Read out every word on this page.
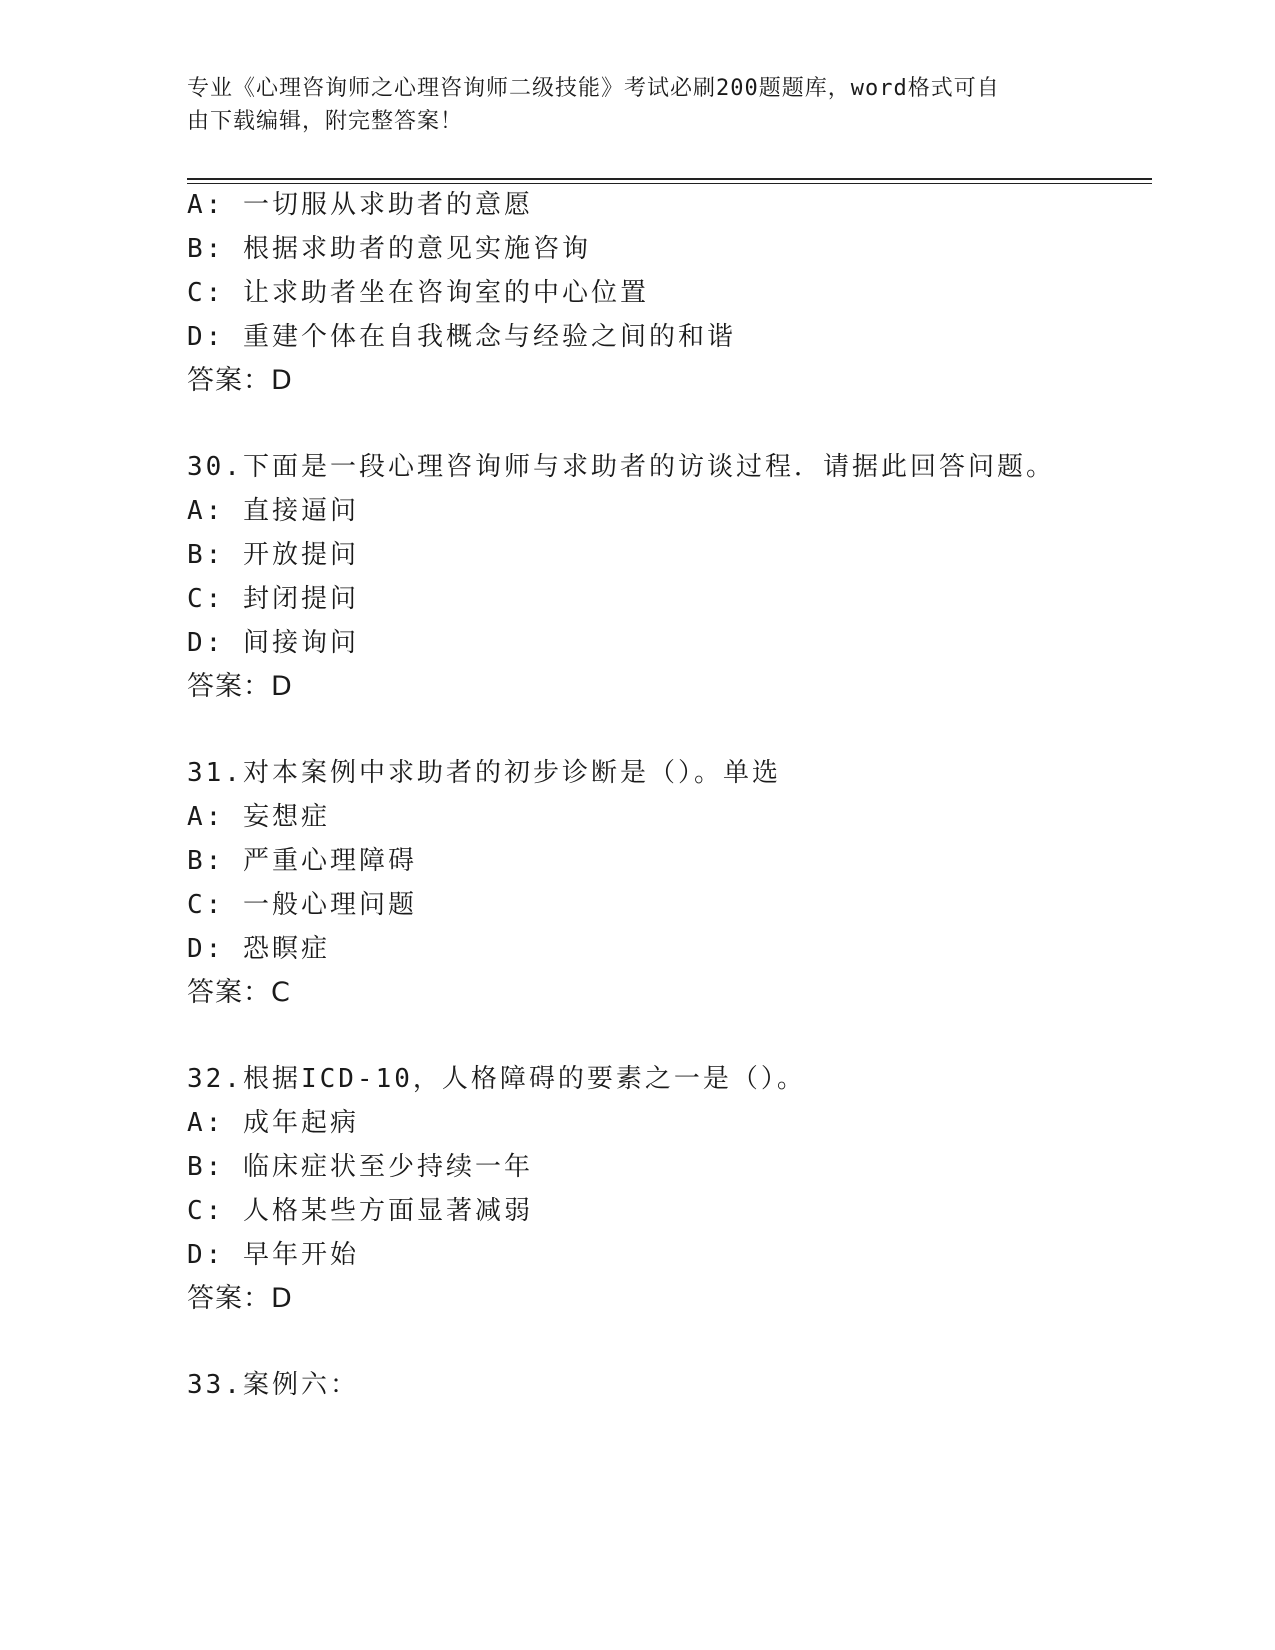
专业《心理咨询师之心理咨询师二级技能》考试必刷200题题库，word格式可自
由下载编辑，附完整答案！
A: 一切服从求助者的意愿
B: 根据求助者的意见实施咨询
C: 让求助者坐在咨询室的中心位置
D: 重建个体在自我概念与经验之间的和谐
答案：D
30.下面是一段心理咨询师与求助者的访谈过程．请据此回答问题。
A: 直接逼问
B: 开放提问
C: 封闭提问
D: 间接询问
答案：D
31.对本案例中求助者的初步诊断是（）。单选
A: 妄想症
B: 严重心理障碍
C: 一般心理问题
D: 恐瞑症
答案：C
32.根据ICD-10，人格障碍的要素之一是（）。
A: 成年起病
B: 临床症状至少持续一年
C: 人格某些方面显著减弱
D: 早年开始
答案：D
33.案例六：
